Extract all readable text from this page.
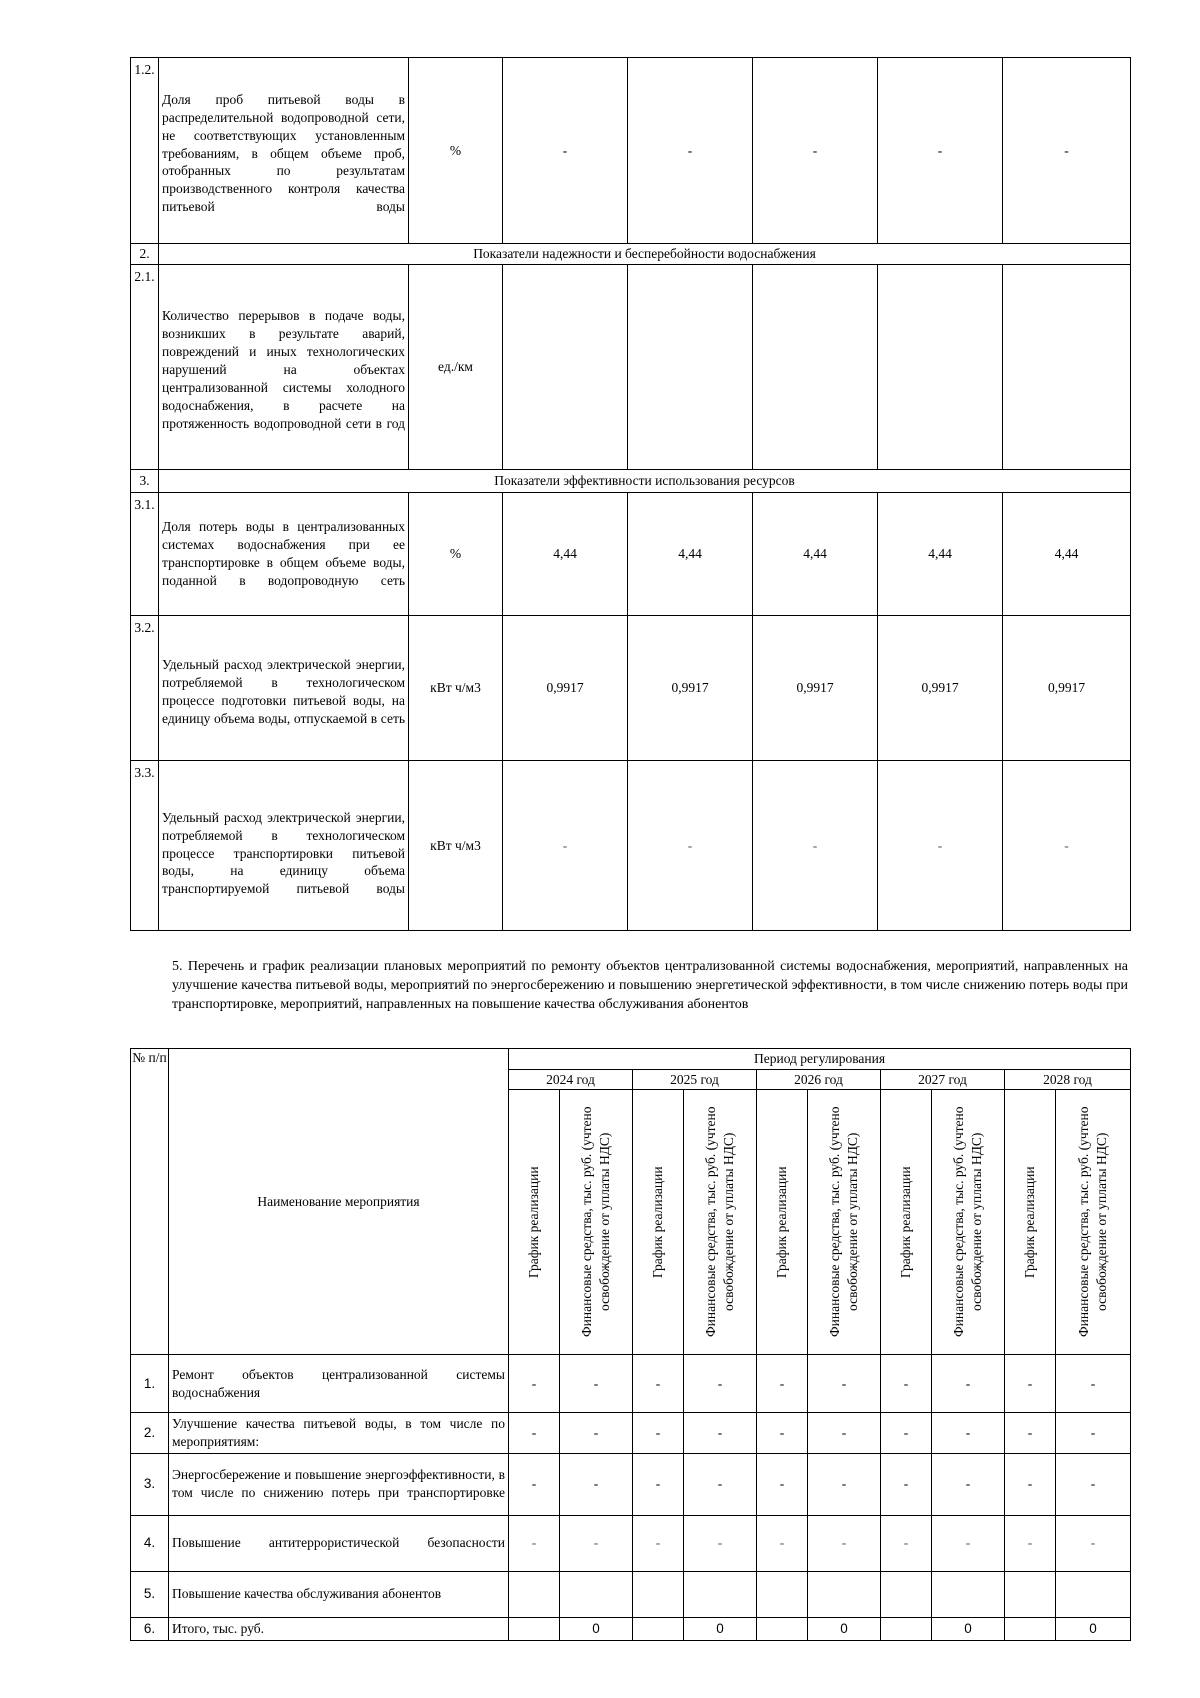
1.2.	Доля проб питьевой воды в распределительной водопроводной сети, не соответствующих установленным требованиям, в общем объеме проб, отобранных по результатам производственного контроля качества питьевой воды	%	-	-	-	-	-
2.	Показатели надежности и бесперебойности водоснабжения						
2.1.	Количество перерывов в подаче воды, возникших в результате аварий, повреждений и иных технологических нарушений на объектах централизованной системы холодного водоснабжения, в расчете на протяженность водопроводной сети в год	ед./км					
3.	Показатели эффективности использования ресурсов						
3.1.	Доля потерь воды в централизованных системах водоснабжения при ее транспортировке в общем объеме воды, поданной в водопроводную сеть	%	4,44	4,44	4,44	4,44	4,44
3.2.	Удельный расход электрической энергии, потребляемой в технологическом процессе подготовки питьевой воды, на единицу объема воды, отпускаемой в сеть	кВт ч/м3	0,9917	0,9917	0,9917	0,9917	0,9917
3.3.	Удельный расход электрической энергии, потребляемой в технологическом процессе транспортировки питьевой воды, на единицу объема транспортируемой питьевой воды	кВт ч/м3	-	-	-	-	-
5. Перечень и график реализации плановых мероприятий по ремонту объектов централизованной системы водоснабжения, мероприятий, направленных на улучшение качества питьевой воды, мероприятий по энергосбережению и повышению энергетической эффективности, в том числе снижению потерь воды при транспортировке, мероприятий, направленных на повышение качества обслуживания абонентов
№ п/п	Наименование мероприятия	Период регулирования									
		2024 год		2025 год		2026 год		2027 год		2028 год	

		График реализации	Финансовые средства, тыс. руб. (учтено освобождение от уплаты НДС)	График реализации	Финансовые средства, тыс. руб. (учтено освобождение от уплаты НДС)	График реализации	Финансовые средства, тыс. руб. (учтено освобождение от уплаты НДС)	График реализации	Финансовые средства, тыс. руб. (учтено освобождение от уплаты НДС)	График реализации	Финансовые средства, тыс. руб. (учтено освобождение от уплаты НДС)

1.	Ремонт объектов централизованной системы водоснабжения	-	-	-	-	-	-	-	-	-	-
2.	Улучшение качества питьевой воды, в том числе по мероприятиям:	-	-	-	-	-	-	-	-	-	-
3.	Энергосбережение и повышение энергоэффективности, в том числе по снижению потерь при транспортировке	-	-	-	-	-	-	-	-	-	-
4.	Повышение антитеррористической безопасности	-	-	-	-	-	-	-	-	-	-
5.	Повышение качества обслуживания абонентов										
6.	Итого, тыс. руб.		0		0		0		0		0
